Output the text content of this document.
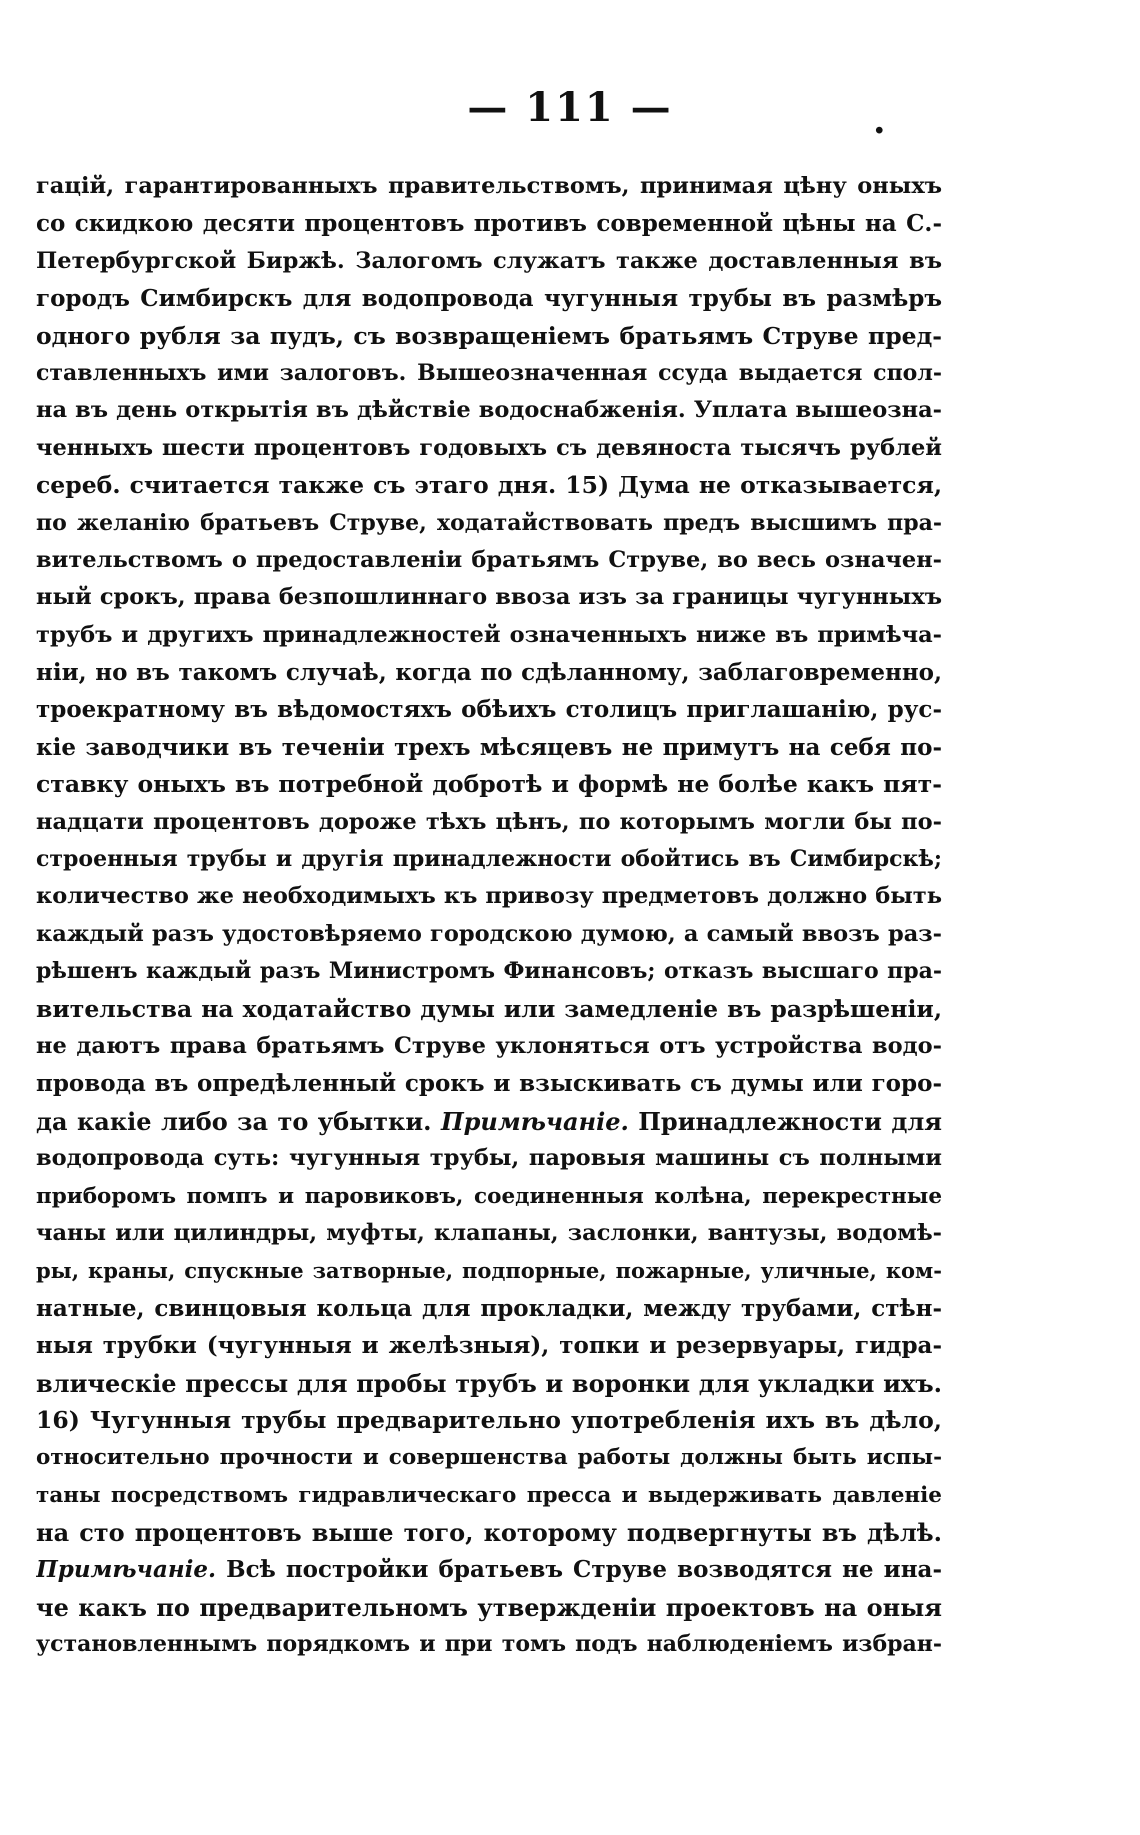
— 111 —	.
гацій, гарантированныхъ правительствомъ, принимая цѣну оныхъ
со скидкою десяти процентовъ противъ современной цѣны на С.-
Петербургской Биржѣ. Залогомъ служатъ также доставленныя въ
городъ Симбирскъ для водопровода чугунныя трубы въ размѣръ
одного рубля за пудъ, съ возвращеніемъ братьямъ Струве пред-
ставленныхъ ими залоговъ. Вышеозначенная ссуда выдается спол-
на въ день открытія въ дѣйствіе водоснабженія. Уплата вышеозна-
ченныхъ шести процентовъ годовыхъ съ девяноста тысячъ рублей
сереб. считается также съ этаго дня. 15) Дума не отказывается,
по желанію братьевъ Струве, ходатайствовать предъ высшимъ пра-
вительствомъ о предоставленіи братьямъ Струве, во весь означен-
ный срокъ, права безпошлиннаго ввоза изъ за границы чугунныхъ
трубъ и другихъ принадлежностей означенныхъ ниже въ примѣча-
ніи, но въ такомъ случаѣ, когда по сдѣланному, заблаговременно,
троекратному въ вѣдомостяхъ обѣихъ столицъ приглашанію, рус-
кіе заводчики въ теченіи трехъ мѣсяцевъ не примутъ на себя по-
ставку оныхъ въ потребной добротѣ и формѣ не болѣе какъ пят-
надцати процентовъ дороже тѣхъ цѣнъ, по которымъ могли бы по-
строенныя трубы и другія принадлежности обойтись въ Симбирскѣ;
количество же необходимыхъ къ привозу предметовъ должно быть
каждый разъ удостовѣряемо городскою думою, а самый ввозъ раз-
рѣшенъ каждый разъ Министромъ Финансовъ; отказъ высшаго пра-
вительства на ходатайство думы или замедленіе въ разрѣшеніи,
не даютъ права братьямъ Струве уклоняться отъ устройства водо-
провода въ опредѣленный срокъ и взыскивать съ думы или горо-
да какіе либо за то убытки. Примѣчаніе. Принадлежности для
водопровода суть: чугунныя трубы, паровыя машины съ полными
приборомъ помпъ и паровиковъ, соединенныя колѣна, перекрестные
чаны или цилиндры, муфты, клапаны, заслонки, вантузы, водомѣ-
ры, краны, спускные затворные, подпорные, пожарные, уличные, ком-
натные, свинцовыя кольца для прокладки, между трубами, стѣн-
ныя трубки (чугунныя и желѣзныя), топки и резервуары, гидра-
влическіе прессы для пробы трубъ и воронки для укладки ихъ.
16) Чугунныя трубы предварительно употребленія ихъ въ дѣло,
относительно прочности и совершенства работы должны быть испы-
таны посредствомъ гидравлическаго пресса и выдерживать давленіе
на сто процентовъ выше того, которому подвергнуты въ дѣлѣ.
Примѣчаніе. Всѣ постройки братьевъ Струве возводятся не ина-
че какъ по предварительномъ утвержденіи проектовъ на оныя
установленнымъ порядкомъ и при томъ подъ наблюденіемъ избран-
